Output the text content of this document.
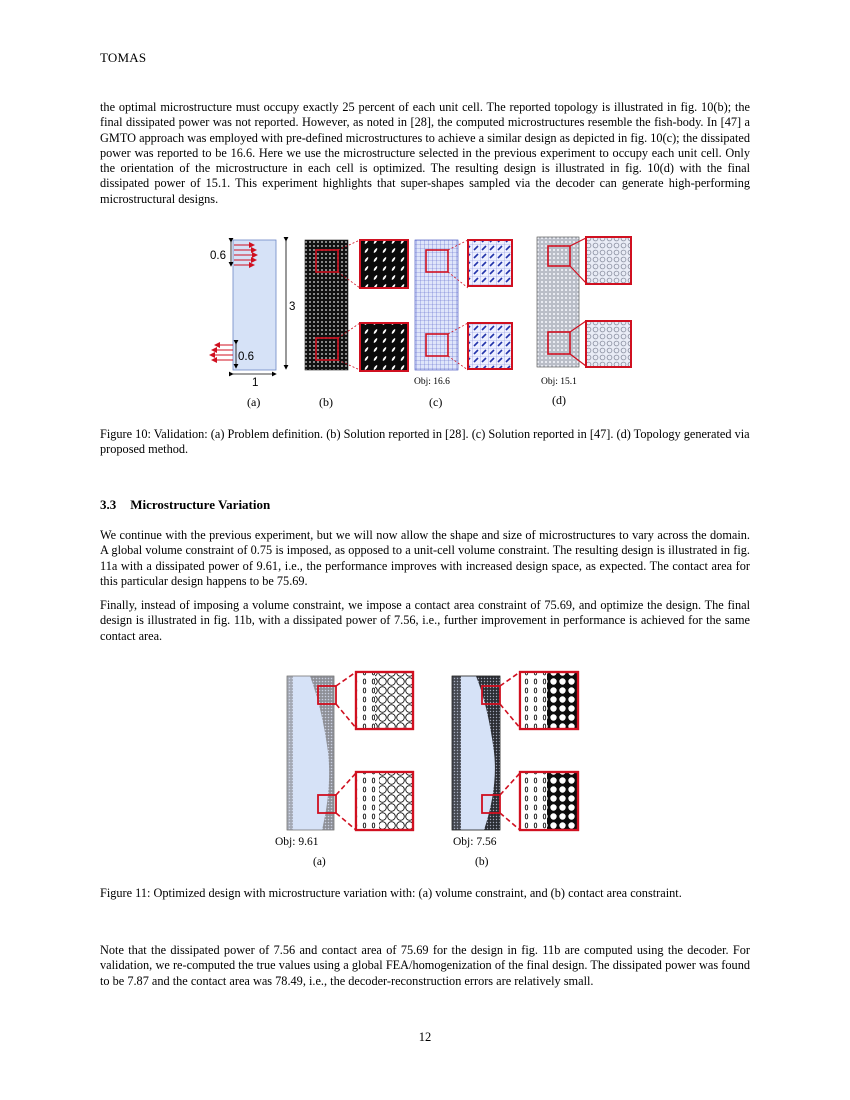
TOMAS

the optimal microstructure must occupy exactly 25 percent of each unit cell. The reported topology is illustrated in fig. 10(b); the final dissipated power was not reported. However, as noted in [28], the computed microstructures resemble the fish-body. In [47] a GMTO approach was employed with pre-defined microstructures to achieve a similar design as depicted in fig. 10(c); the dissipated power was reported to be 16.6. Here we use the microstructure selected in the previous experiment to occupy each unit cell. Only the orientation of the microstructure in each cell is optimized. The resulting design is illustrated in fig. 10(d) with the final dissipated power of 15.1. This experiment highlights that super-shapes sampled via the decoder can generate high-performing microstructural designs.

0.6
3
0.6
1
(a)	(b)
Obj: 16.6
(c)
Obj: 15.1
(d)

Figure 10: Validation: (a) Problem definition. (b) Solution reported in [28]. (c) Solution reported in [47]. (d) Topology generated via proposed method.

3.3 Microstructure Variation

We continue with the previous experiment, but we will now allow the shape and size of microstructures to vary across the domain. A global volume constraint of 0.75 is imposed, as opposed to a unit-cell volume constraint. The resulting design is illustrated in fig. 11a with a dissipated power of 9.61, i.e., the performance improves with increased design space, as expected. The contact area for this particular design happens to be 75.69.

Finally, instead of imposing a volume constraint, we impose a contact area constraint of 75.69, and optimize the design. The final design is illustrated in fig. 11b, with a dissipated power of 7.56, i.e., further improvement in performance is achieved for the same contact area.

Obj: 9.61
(a)
Obj: 7.56
(b)

Figure 11: Optimized design with microstructure variation with: (a) volume constraint, and (b) contact area constraint.

Note that the dissipated power of 7.56 and contact area of 75.69 for the design in fig. 11b are computed using the decoder. For validation, we re-computed the true values using a global FEA/homogenization of the final design. The dissipated power was found to be 7.87 and the contact area was 78.49, i.e., the decoder-reconstruction errors are relatively small.

12
